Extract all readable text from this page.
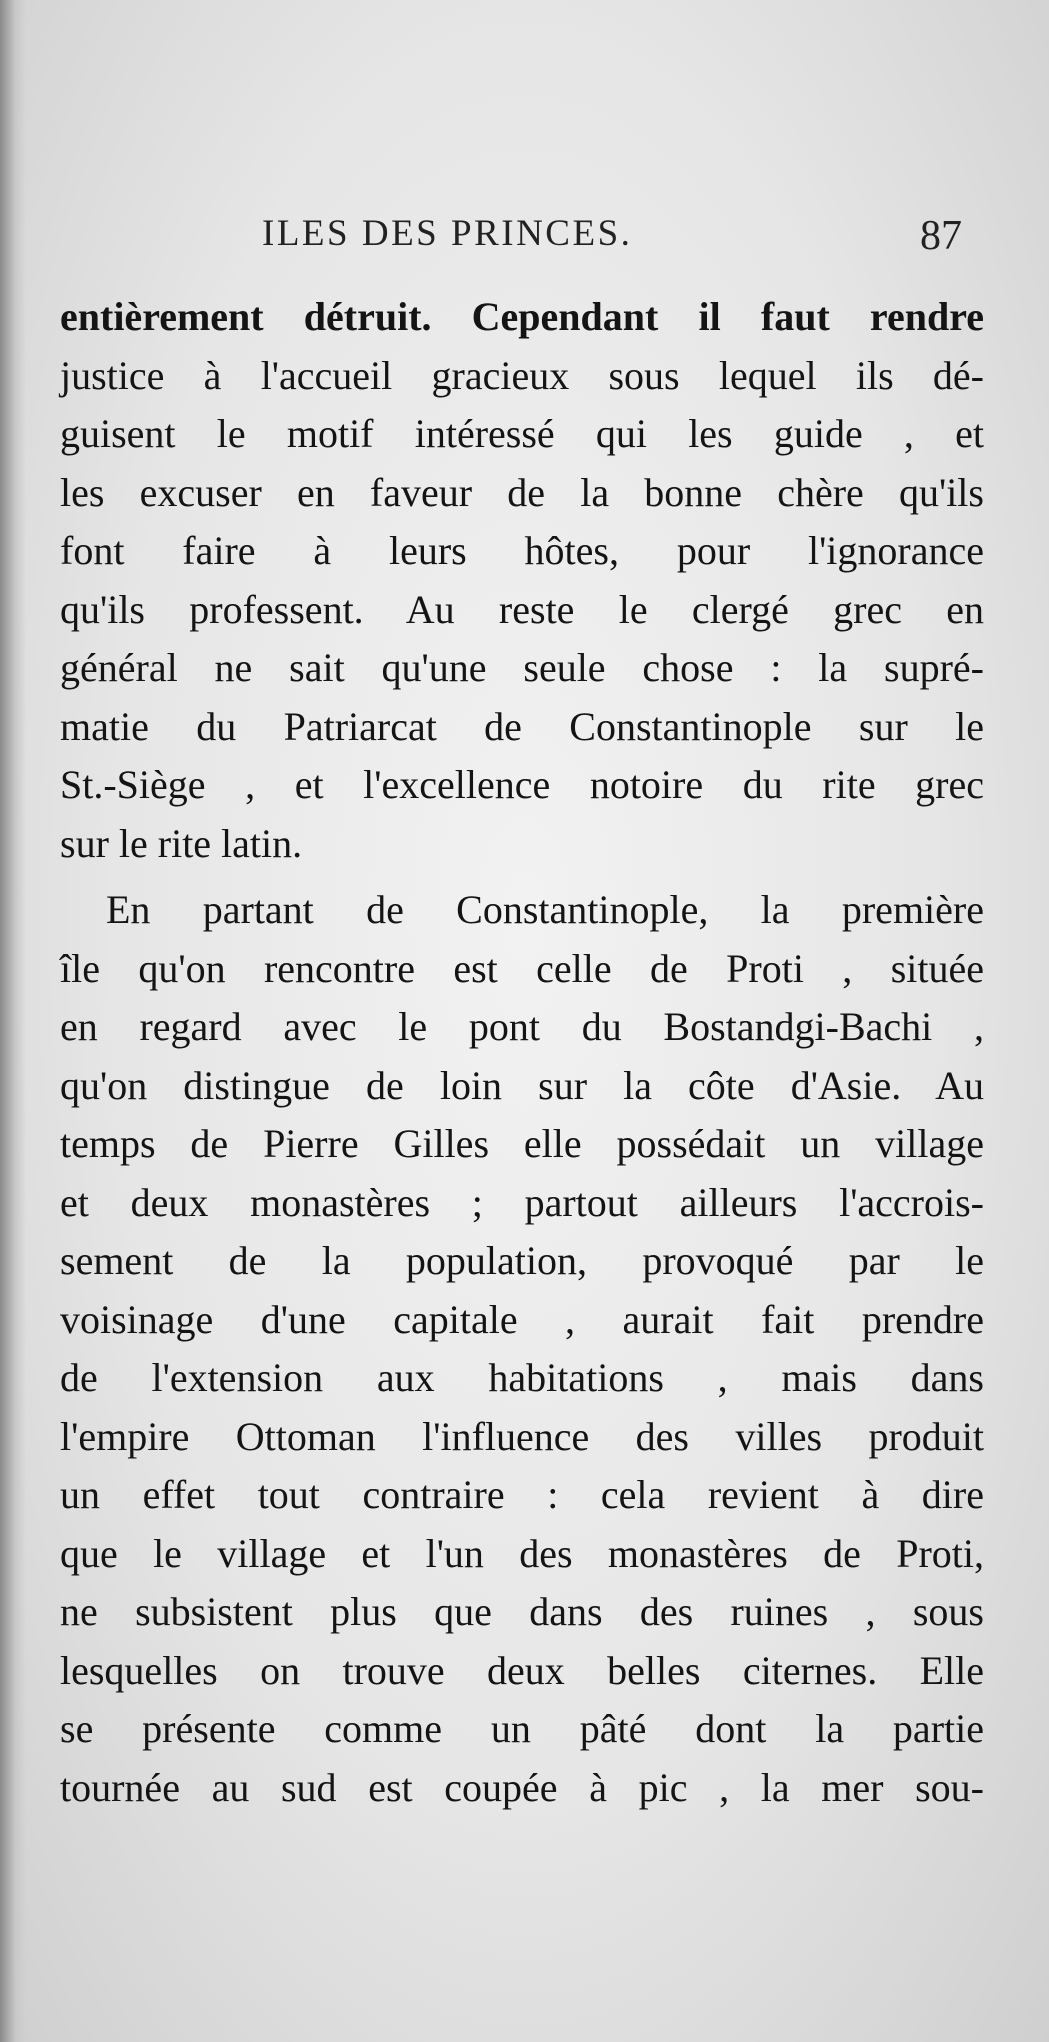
ILES DES PRINCES.	87
entièrement détruit. Cependant il faut rendre
justice à l'accueil gracieux sous lequel ils dé-
guisent le motif intéressé qui les guide , et
les excuser en faveur de la bonne chère qu'ils
font faire à leurs hôtes, pour l'ignorance
qu'ils professent. Au reste le clergé grec en
général ne sait qu'une seule chose : la supré-
matie du Patriarcat de Constantinople sur le
St.-Siège , et l'excellence notoire du rite grec
sur le rite latin.
En partant de Constantinople, la première
île qu'on rencontre est celle de Proti , située
en regard avec le pont du Bostandgi-Bachi ,
qu'on distingue de loin sur la côte d'Asie. Au
temps de Pierre Gilles elle possédait un village
et deux monastères ; partout ailleurs l'accrois-
sement de la population, provoqué par le
voisinage d'une capitale , aurait fait prendre
de l'extension aux habitations , mais dans
l'empire Ottoman l'influence des villes produit
un effet tout contraire : cela revient à dire
que le village et l'un des monastères de Proti,
ne subsistent plus que dans des ruines , sous
lesquelles on trouve deux belles citernes. Elle
se présente comme un pâté dont la partie
tournée au sud est coupée à pic , la mer sou-
